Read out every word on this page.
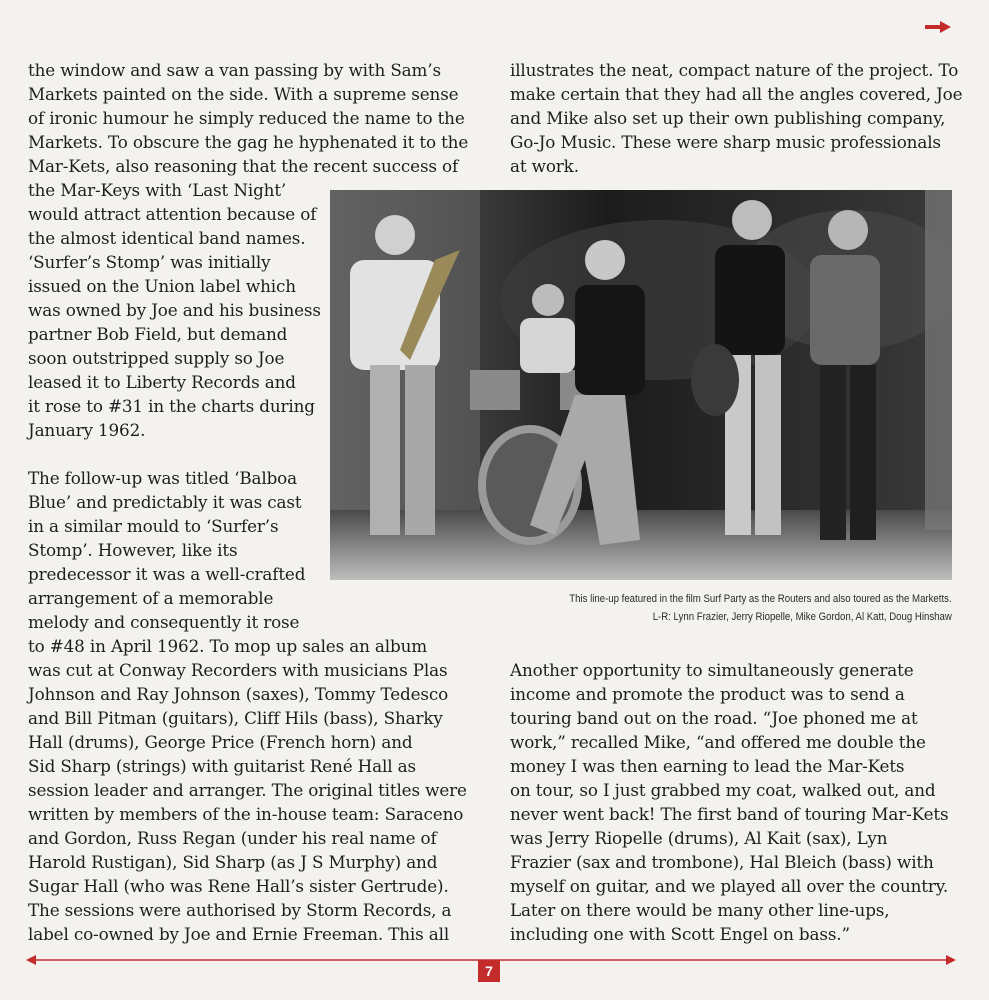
the window and saw a van passing by with Sam’s
Markets painted on the side. With a supreme sense
of ironic humour he simply reduced the name to the
Markets. To obscure the gag he hyphenated it to the
Mar-Kets, also reasoning that the recent success of
the Mar-Keys with ‘Last Night’
would attract attention because of
the almost identical band names.
‘Surfer’s Stomp’ was initially
issued on the Union label which
was owned by Joe and his business
partner Bob Field, but demand
soon outstripped supply so Joe
leased it to Liberty Records and
it rose to #31 in the charts during
January 1962.
The follow-up was titled ‘Balboa
Blue’ and predictably it was cast
in a similar mould to ‘Surfer’s
Stomp’. However, like its
predecessor it was a well-crafted
arrangement of a memorable
melody and consequently it rose
to #48 in April 1962. To mop up sales an album
was cut at Conway Recorders with musicians Plas
Johnson and Ray Johnson (saxes), Tommy Tedesco
and Bill Pitman (guitars), Cliff Hils (bass), Sharky
Hall (drums), George Price (French horn) and
Sid Sharp (strings) with guitarist René Hall as
session leader and arranger. The original titles were
written by members of the in-house team: Saraceno
and Gordon, Russ Regan (under his real name of
Harold Rustigan), Sid Sharp (as J S Murphy) and
Sugar Hall (who was Rene Hall’s sister Gertrude).
The sessions were authorised by Storm Records, a
label co-owned by Joe and Ernie Freeman. This all
illustrates the neat, compact nature of the project. To
make certain that they had all the angles covered, Joe
and Mike also set up their own publishing company,
Go-Jo Music. These were sharp music professionals
at work.
This line-up featured in the film Surf Party as the Routers and also toured as the Marketts.
L-R: Lynn Frazier, Jerry Riopelle, Mike Gordon, Al Katt, Doug Hinshaw
Another opportunity to simultaneously generate
income and promote the product was to send a
touring band out on the road. “Joe phoned me at
work,” recalled Mike, “and offered me double the
money I was then earning to lead the Mar-Kets
on tour, so I just grabbed my coat, walked out, and
never went back! The first band of touring Mar-Kets
was Jerry Riopelle (drums), Al Kait (sax), Lyn
Frazier (sax and trombone), Hal Bleich (bass) with
myself on guitar, and we played all over the country.
Later on there would be many other line-ups,
including one with Scott Engel on bass.”
7
